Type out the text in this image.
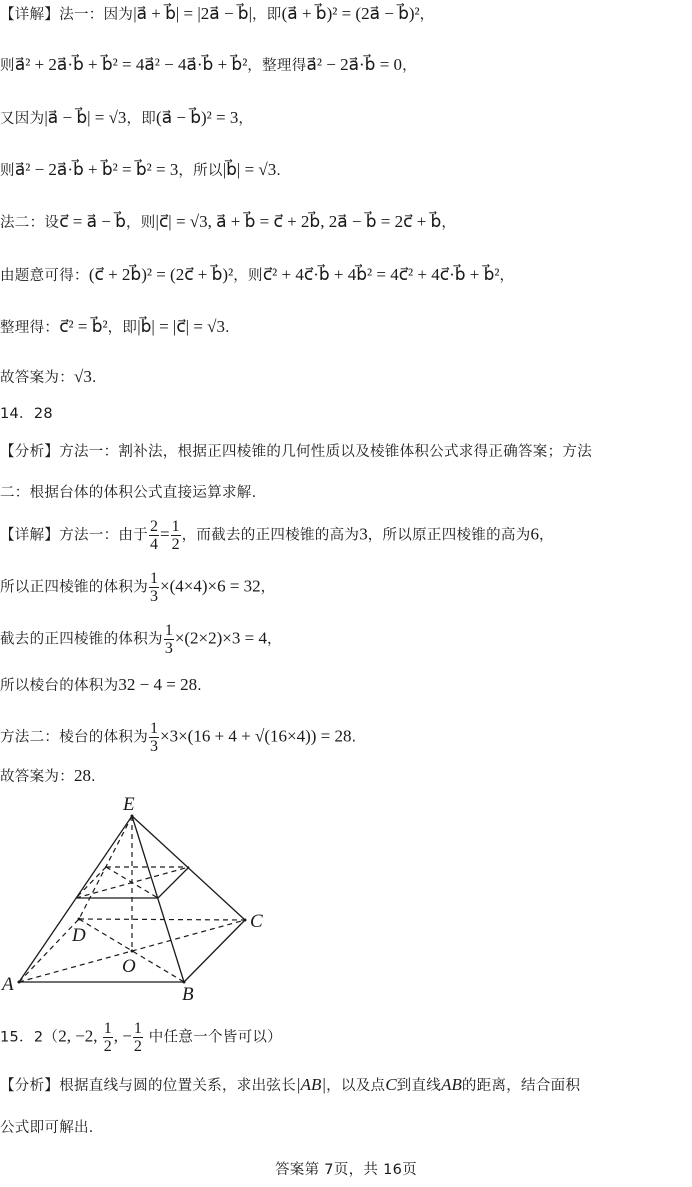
【详解】法一：因为|a⃗ + b⃗| = |2a⃗ − b⃗|，即(a⃗ + b⃗)² = (2a⃗ − b⃗)²，
则a⃗² + 2a⃗·b⃗ + b⃗² = 4a⃗² − 4a⃗·b⃗ + b⃗²，整理得a⃗² − 2a⃗·b⃗ = 0，
又因为|a⃗ − b⃗| = √3，即(a⃗ − b⃗)² = 3，
则a⃗² − 2a⃗·b⃗ + b⃗² = b⃗² = 3，所以|b⃗| = √3.
法二：设c⃗ = a⃗ − b⃗，则|c⃗| = √3, a⃗ + b⃗ = c⃗ + 2b⃗, 2a⃗ − b⃗ = 2c⃗ + b⃗，
由题意可得：(c⃗ + 2b⃗)² = (2c⃗ + b⃗)²，则c⃗² + 4c⃗·b⃗ + 4b⃗² = 4c⃗² + 4c⃗·b⃗ + b⃗²，
整理得：c⃗² = b⃗²，即|b⃗| = |c⃗| = √3.
故答案为：√3.
14．28
【分析】方法一：割补法，根据正四棱锥的几何性质以及棱锥体积公式求得正确答案；方法
二：根据台体的体积公式直接运算求解.
【详解】方法一：由于 $\frac{2}{4} = \frac{1}{2}$ ，而截去的正四棱锥的高为3，所以原正四棱锥的高为6，
所以正四棱锥的体积为 $\frac{1}{3} \times(4\times 4)\times 6 = 32$，
截去的正四棱锥的体积为 $\frac{1}{3} \times(2\times 2)\times 3 = 4$，
所以棱台的体积为32 − 4 = 28.
方法二：棱台的体积为 $\frac{1}{3} \times 3\times(16 + 4 + √(16\times 4)) = 28$.
故答案为：28.
E
A	B
C
D
O
15．2（2, −2, $\frac{1}{2}$ , − $\frac{1}{2}$ 中任意一个皆可以）
【分析】根据直线与圆的位置关系，求出弦长|AB|，以及点C到直线AB的距离，结合面积
公式即可解出.
答案第 7页，共 16页
